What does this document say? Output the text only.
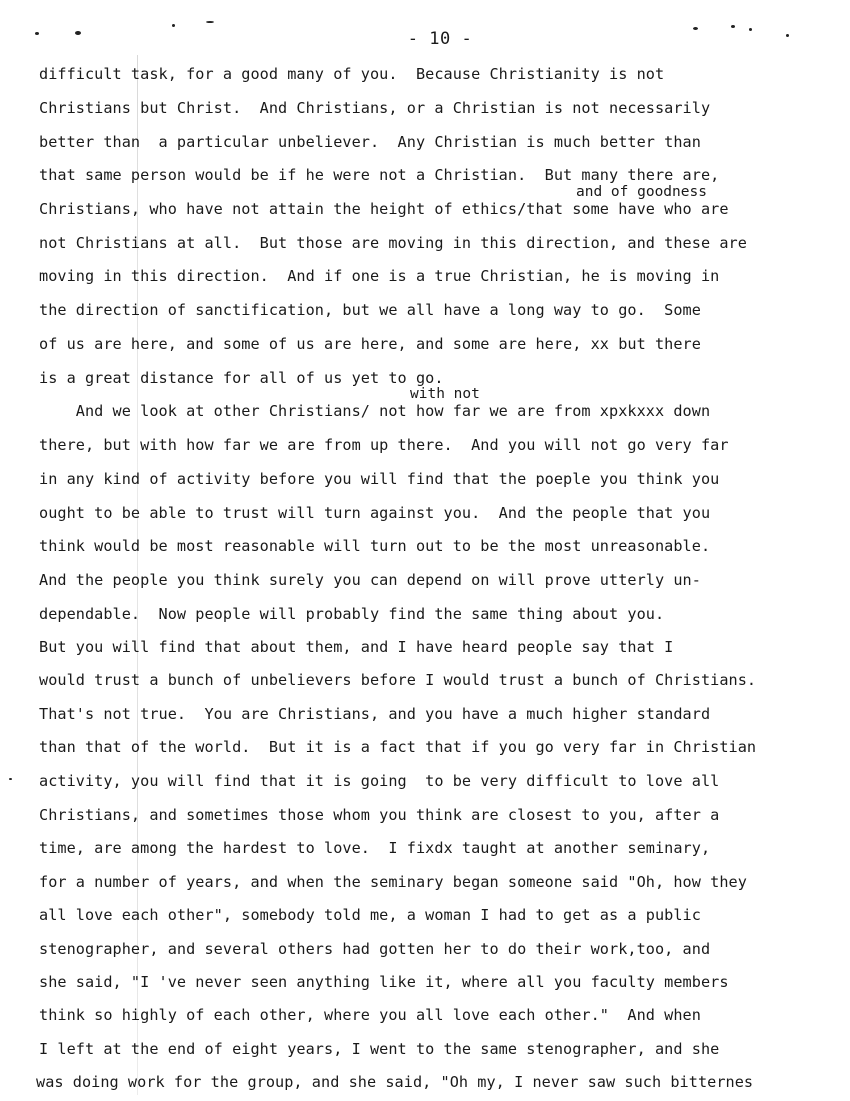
- 10 -
and of goodness
with not
difficult task, for a good many of you.  Because Christianity is not
Christians but Christ.  And Christians, or a Christian is not necessarily
better than  a particular unbeliever.  Any Christian is much better than
that same person would be if he were not a Christian.  But many there are,
Christians, who have not attain the height of ethics/that some have who are
not Christians at all.  But those are moving in this direction, and these are
moving in this direction.  And if one is a true Christian, he is moving in
the direction of sanctification, but we all have a long way to go.  Some
of us are here, and some of us are here, and some are here, xx but there
is a great distance for all of us yet to go.
And we look at other Christians/ not how far we are from xpxkxxx down
there, but with how far we are from up there.  And you will not go very far
in any kind of activity before you will find that the poeple you think you
ought to be able to trust will turn against you.  And the people that you
think would be most reasonable will turn out to be the most unreasonable.
And the people you think surely you can depend on will prove utterly un-
dependable.  Now people will probably find the same thing about you.
But you will find that about them, and I have heard people say that I
would trust a bunch of unbelievers before I would trust a bunch of Christians.
That's not true.  You are Christians, and you have a much higher standard
than that of the world.  But it is a fact that if you go very far in Christian
activity, you will find that it is going  to be very difficult to love all
Christians, and sometimes those whom you think are closest to you, after a
time, are among the hardest to love.  I fixdx taught at another seminary,
for a number of years, and when the seminary began someone said "Oh, how they
all love each other", somebody told me, a woman I had to get as a public
stenographer, and several others had gotten her to do their work,too, and
she said, "I 've never seen anything like it, where all you faculty members
think so highly of each other, where you all love each other."  And when
I left at the end of eight years, I went to the same stenographer, and she
was doing work for the group, and she said, "Oh my, I never saw such bitternes
